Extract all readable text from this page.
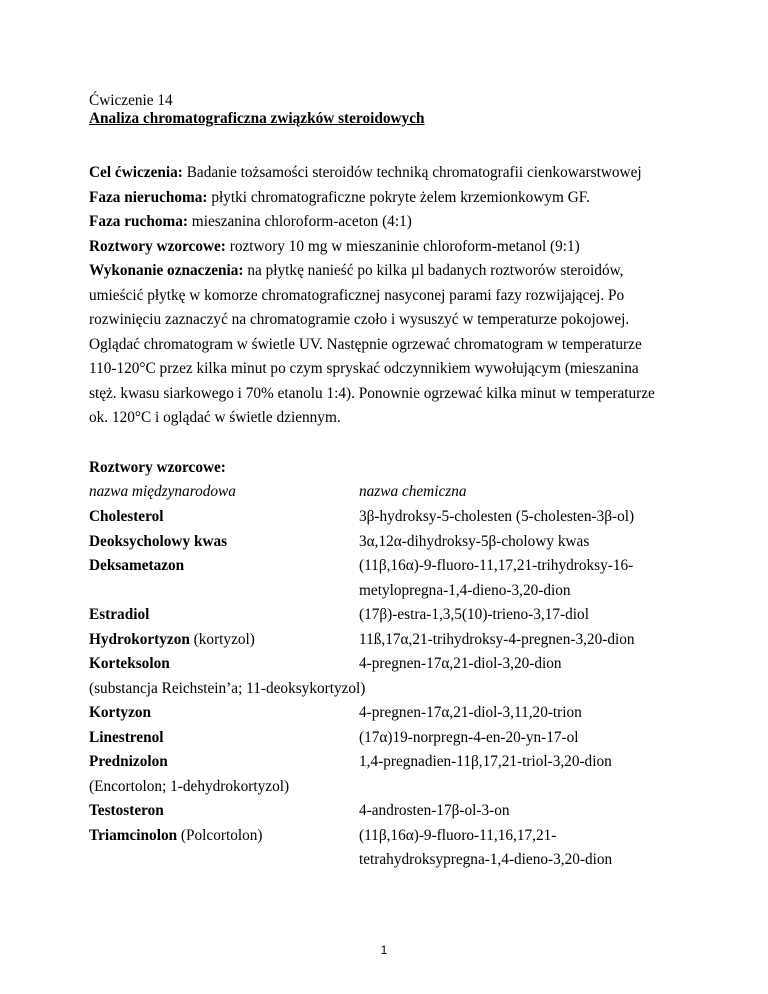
Ćwiczenie 14
Analiza chromatograficzna związków steroidowych
Cel ćwiczenia: Badanie tożsamości steroidów techniką chromatografii cienkowarstwowej
Faza nieruchoma: płytki chromatograficzne pokryte żelem krzemionkowym GF.
Faza ruchoma: mieszanina chloroform-aceton (4:1)
Roztwory wzorcowe: roztwory 10 mg w mieszaninie chloroform-metanol (9:1)
Wykonanie oznaczenia: na płytkę nanieść po kilka µl badanych roztworów steroidów,
umieścić płytkę w komorze chromatograficznej nasyconej parami fazy rozwijającej. Po
rozwinięciu zaznaczyć na chromatogramie czoło i wysuszyć w temperaturze pokojowej.
Oglądać chromatogram w świetle UV. Następnie ogrzewać chromatogram w temperaturze
110-120°C przez kilka minut po czym spryskać odczynnikiem wywołującym (mieszanina
stęż. kwasu siarkowego i 70% etanolu 1:4). Ponownie ogrzewać kilka minut w temperaturze
ok. 120°C i oglądać w świetle dziennym.
Roztwory wzorcowe:
nazwa międzynarodowa	nazwa chemiczna
Cholesterol	3β-hydroksy-5-cholesten (5-cholesten-3β-ol)
Deoksycholowy kwas	3α,12α-dihydroksy-5β-cholowy kwas
Deksametazon	(11β,16α)-9-fluoro-11,17,21-trihydroksy-16-
metylopregna-1,4-dieno-3,20-dion
Estradiol	(17β)-estra-1,3,5(10)-trieno-3,17-diol
Hydrokortyzon (kortyzol)	11ß,17α,21-trihydroksy-4-pregnen-3,20-dion
Korteksolon	4-pregnen-17α,21-diol-3,20-dion
(substancja Reichstein’a; 11-deoksykortyzol)
Kortyzon	4-pregnen-17α,21-diol-3,11,20-trion
Linestrenol	(17α)19-norpregn-4-en-20-yn-17-ol
Prednizolon	1,4-pregnadien-11β,17,21-triol-3,20-dion
(Encortolon; 1-dehydrokortyzol)
Testosteron	4-androsten-17β-ol-3-on
Triamcinolon (Polcortolon)	(11β,16α)-9-fluoro-11,16,17,21-
tetrahydroksypregna-1,4-dieno-3,20-dion
1
